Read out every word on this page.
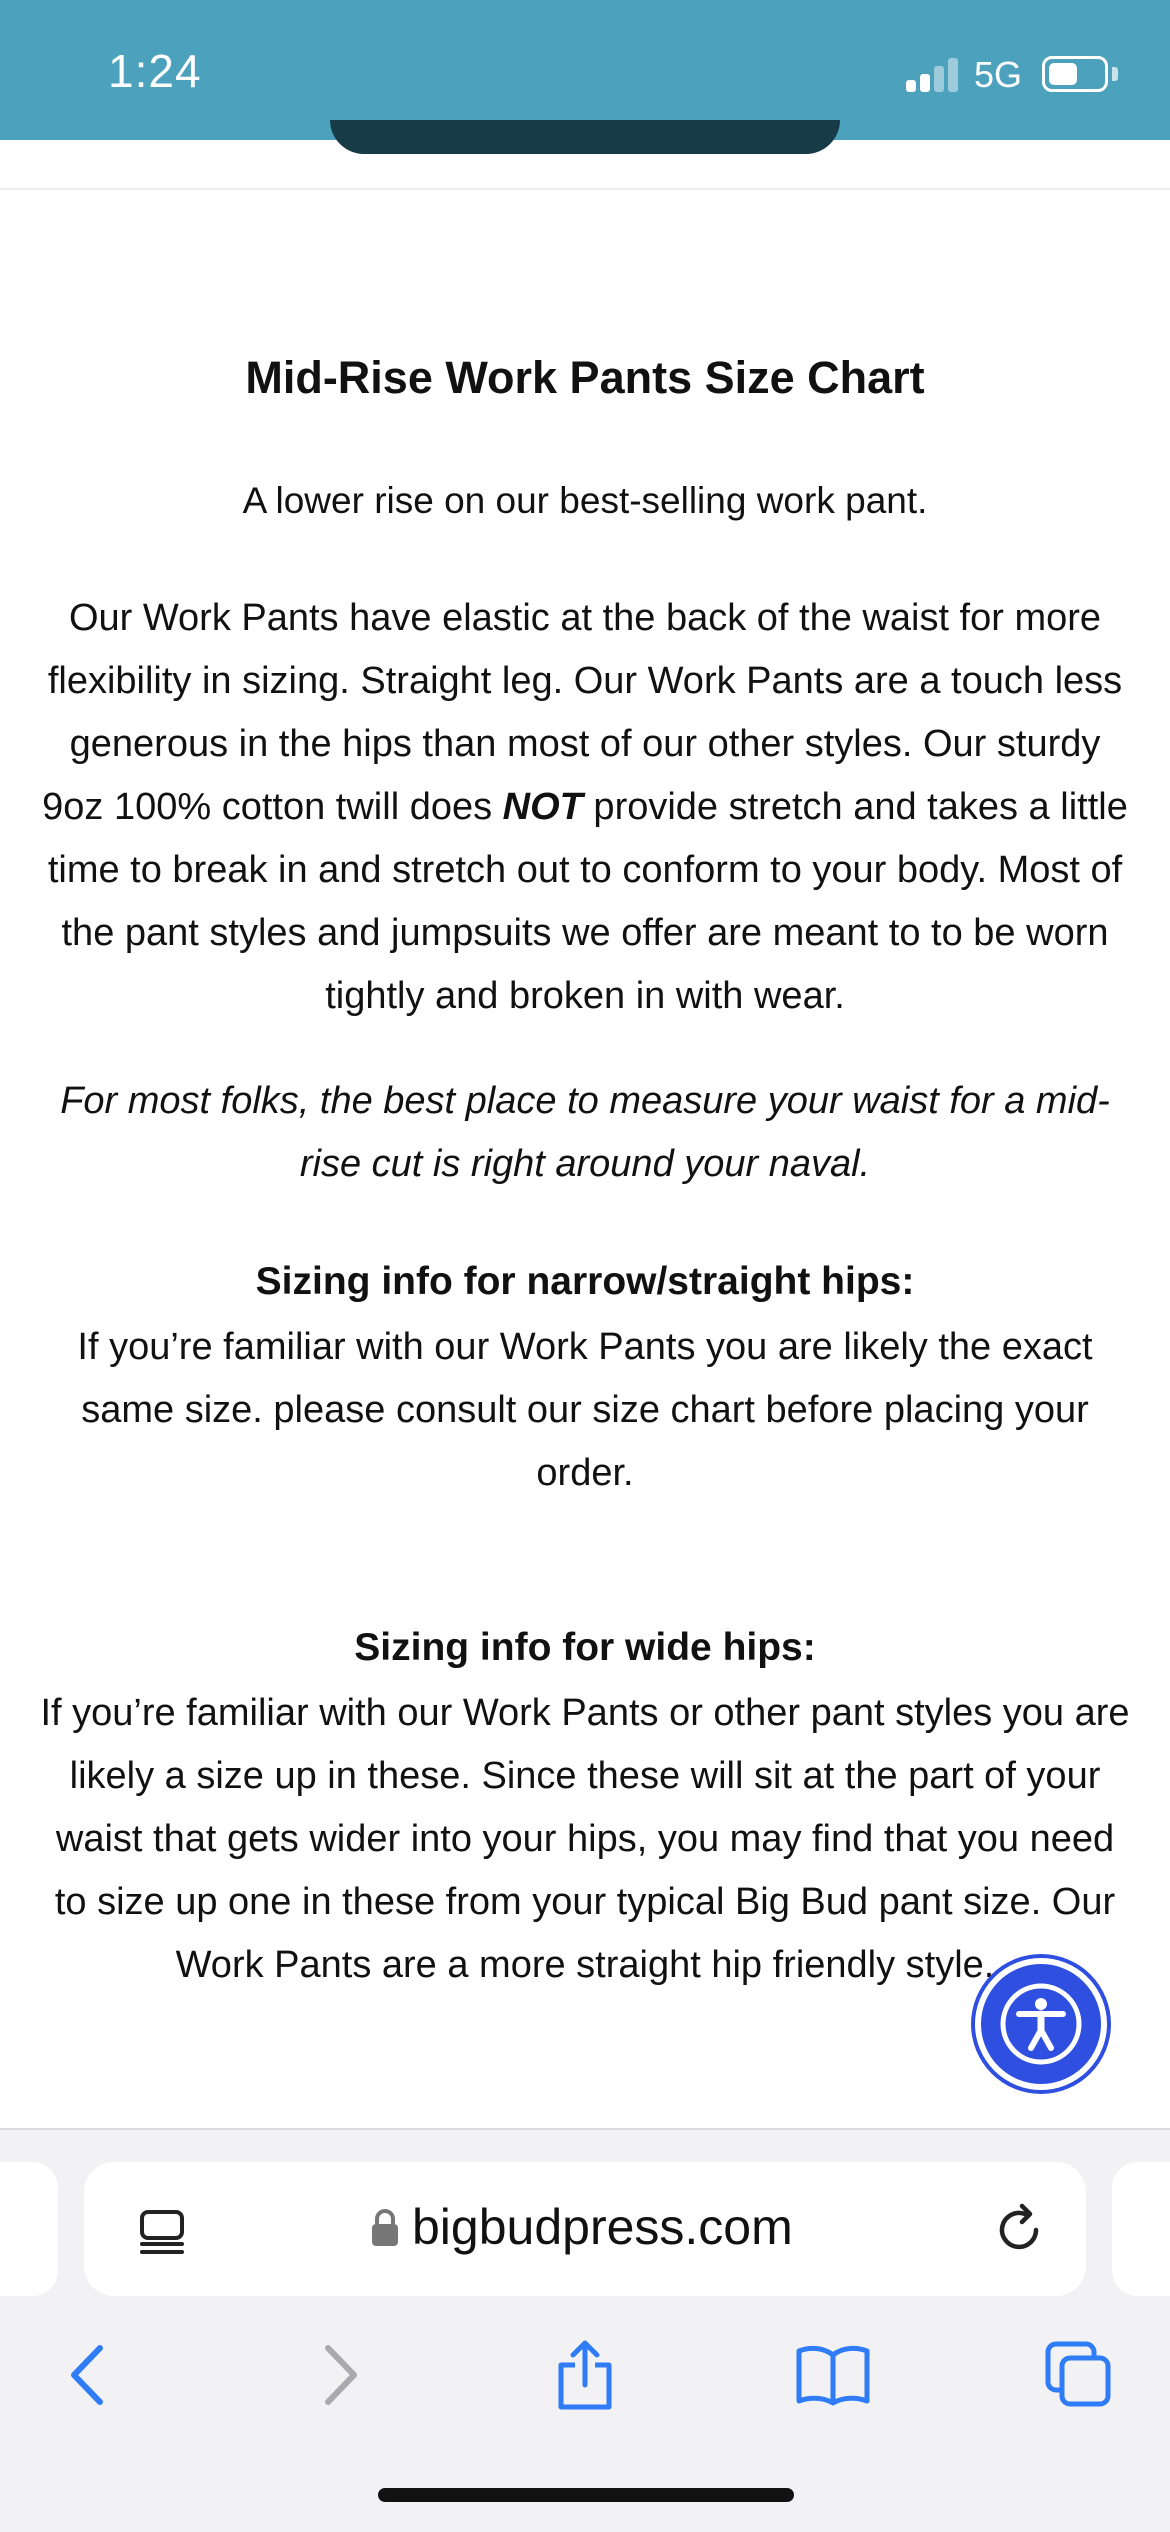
1:24	5G
Mid-Rise Work Pants Size Chart

A lower rise on our best-selling work pant.

Our Work Pants have elastic at the back of the waist for more flexibility in sizing. Straight leg. Our Work Pants are a touch less generous in the hips than most of our other styles. Our sturdy 9oz 100% cotton twill does NOT provide stretch and takes a little time to break in and stretch out to conform to your body. Most of the pant styles and jumpsuits we offer are meant to to be worn tightly and broken in with wear.

For most folks, the best place to measure your waist for a mid-rise cut is right around your naval.

Sizing info for narrow/straight hips:

If you’re familiar with our Work Pants you are likely the exact same size. please consult our size chart before placing your order.

Sizing info for wide hips:

If you’re familiar with our Work Pants or other pant styles you are likely a size up in these. Since these will sit at the part of your waist that gets wider into your hips, you may find that you need to size up one in these from your typical Big Bud pant size. Our Work Pants are a more straight hip friendly style.

bigbudpress.com
